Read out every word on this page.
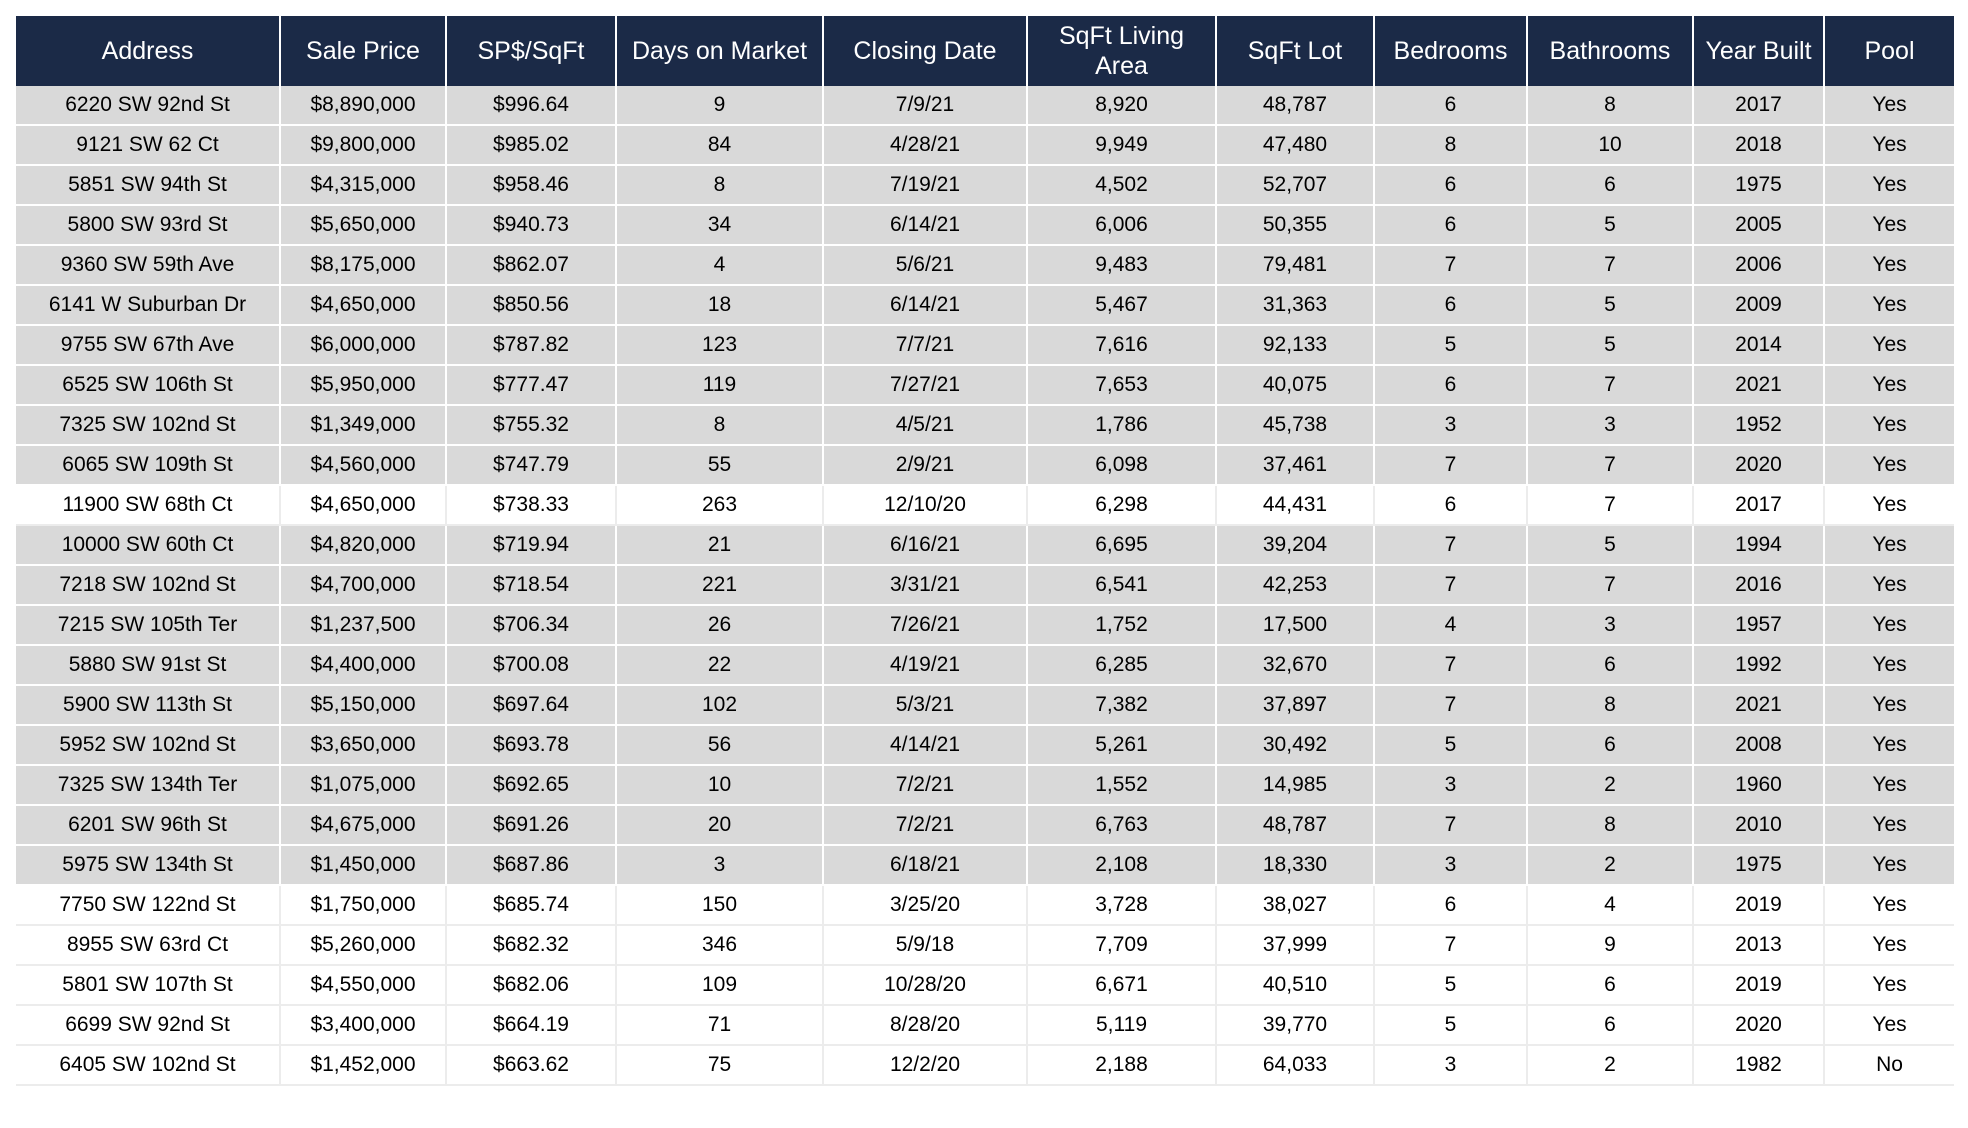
Address	Sale Price	SP$/SqFt	Days on Market	Closing Date	SqFt Living Area	SqFt Lot	Bedrooms	Bathrooms	Year Built	Pool
6220 SW 92nd St	$8,890,000	$996.64	9	7/9/21	8,920	48,787	6	8	2017	Yes
9121 SW 62 Ct	$9,800,000	$985.02	84	4/28/21	9,949	47,480	8	10	2018	Yes
5851 SW 94th St	$4,315,000	$958.46	8	7/19/21	4,502	52,707	6	6	1975	Yes
5800 SW 93rd St	$5,650,000	$940.73	34	6/14/21	6,006	50,355	6	5	2005	Yes
9360 SW 59th Ave	$8,175,000	$862.07	4	5/6/21	9,483	79,481	7	7	2006	Yes
6141 W Suburban Dr	$4,650,000	$850.56	18	6/14/21	5,467	31,363	6	5	2009	Yes
9755 SW 67th Ave	$6,000,000	$787.82	123	7/7/21	7,616	92,133	5	5	2014	Yes
6525 SW 106th St	$5,950,000	$777.47	119	7/27/21	7,653	40,075	6	7	2021	Yes
7325 SW 102nd St	$1,349,000	$755.32	8	4/5/21	1,786	45,738	3	3	1952	Yes
6065 SW 109th St	$4,560,000	$747.79	55	2/9/21	6,098	37,461	7	7	2020	Yes
11900 SW 68th Ct	$4,650,000	$738.33	263	12/10/20	6,298	44,431	6	7	2017	Yes
10000 SW 60th Ct	$4,820,000	$719.94	21	6/16/21	6,695	39,204	7	5	1994	Yes
7218 SW 102nd St	$4,700,000	$718.54	221	3/31/21	6,541	42,253	7	7	2016	Yes
7215 SW 105th Ter	$1,237,500	$706.34	26	7/26/21	1,752	17,500	4	3	1957	Yes
5880 SW 91st St	$4,400,000	$700.08	22	4/19/21	6,285	32,670	7	6	1992	Yes
5900 SW 113th St	$5,150,000	$697.64	102	5/3/21	7,382	37,897	7	8	2021	Yes
5952 SW 102nd St	$3,650,000	$693.78	56	4/14/21	5,261	30,492	5	6	2008	Yes
7325 SW 134th Ter	$1,075,000	$692.65	10	7/2/21	1,552	14,985	3	2	1960	Yes
6201 SW 96th St	$4,675,000	$691.26	20	7/2/21	6,763	48,787	7	8	2010	Yes
5975 SW 134th St	$1,450,000	$687.86	3	6/18/21	2,108	18,330	3	2	1975	Yes
7750 SW 122nd St	$1,750,000	$685.74	150	3/25/20	3,728	38,027	6	4	2019	Yes
8955 SW 63rd Ct	$5,260,000	$682.32	346	5/9/18	7,709	37,999	7	9	2013	Yes
5801 SW 107th St	$4,550,000	$682.06	109	10/28/20	6,671	40,510	5	6	2019	Yes
6699 SW 92nd St	$3,400,000	$664.19	71	8/28/20	5,119	39,770	5	6	2020	Yes
6405 SW 102nd St	$1,452,000	$663.62	75	12/2/20	2,188	64,033	3	2	1982	No
